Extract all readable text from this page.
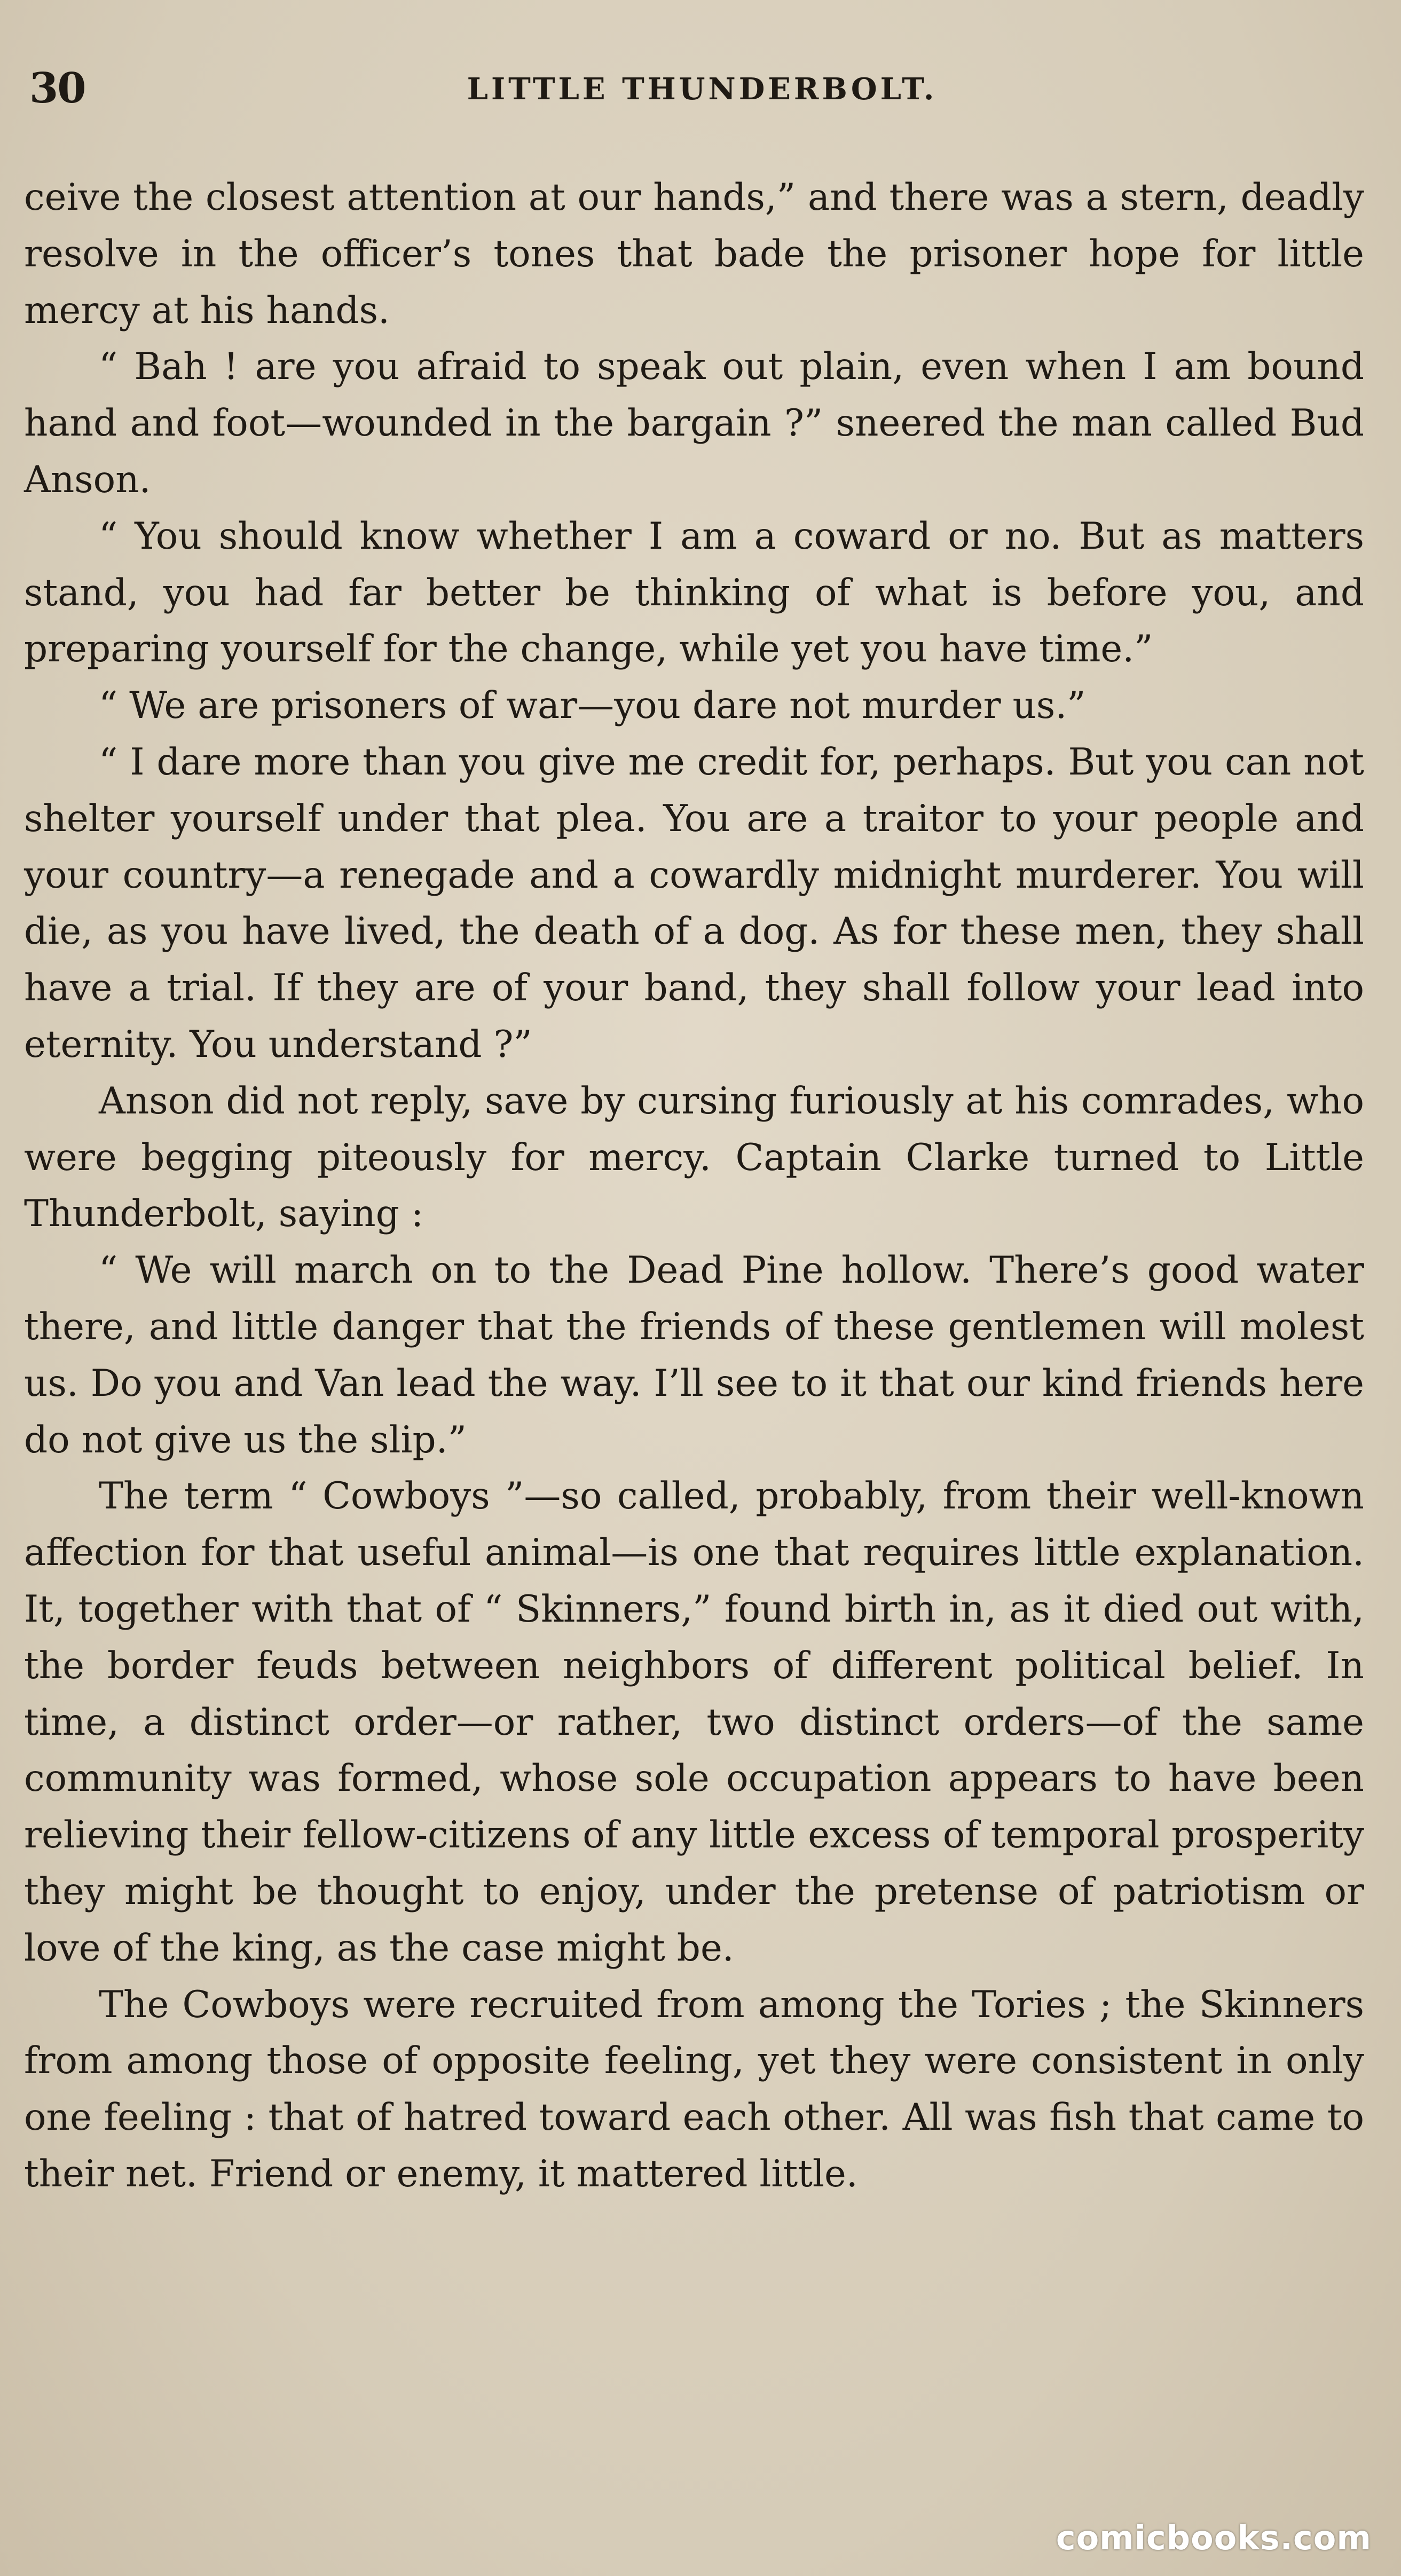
30	LITTLE THUNDERBOLT.

ceive the closest attention at our hands,” and there was a stern, deadly resolve in the officer’s tones that bade the prisoner hope for little mercy at his hands.

“ Bah ! are you afraid to speak out plain, even when I am bound hand and foot—wounded in the bargain ?” sneered the man called Bud Anson.

“ You should know whether I am a coward or no. But as matters stand, you had far better be thinking of what is before you, and preparing yourself for the change, while yet you have time.”

“ We are prisoners of war—you dare not murder us.”

“ I dare more than you give me credit for, perhaps. But you can not shelter yourself under that plea. You are a traitor to your people and your country—a renegade and a cowardly midnight murderer. You will die, as you have lived, the death of a dog. As for these men, they shall have a trial. If they are of your band, they shall follow your lead into eternity. You understand ?”

Anson did not reply, save by cursing furiously at his comrades, who were begging piteously for mercy. Captain Clarke turned to Little Thunderbolt, saying :

“ We will march on to the Dead Pine hollow. There’s good water there, and little danger that the friends of these gentlemen will molest us. Do you and Van lead the way. I’ll see to it that our kind friends here do not give us the slip.”

The term “ Cowboys ”—so called, probably, from their well-known affection for that useful animal—is one that requires little explanation. It, together with that of “ Skinners,” found birth in, as it died out with, the border feuds between neighbors of different political belief. In time, a distinct order—or rather, two distinct orders—of the same community was formed, whose sole occupation appears to have been relieving their fellow-citizens of any little excess of temporal prosperity they might be thought to enjoy, under the pretense of patriotism or love of the king, as the case might be.

The Cowboys were recruited from among the Tories ; the Skinners from among those of opposite feeling, yet they were consistent in only one feeling : that of hatred toward each other. All was fish that came to their net. Friend or enemy, it mattered little.

comicbooks.com
